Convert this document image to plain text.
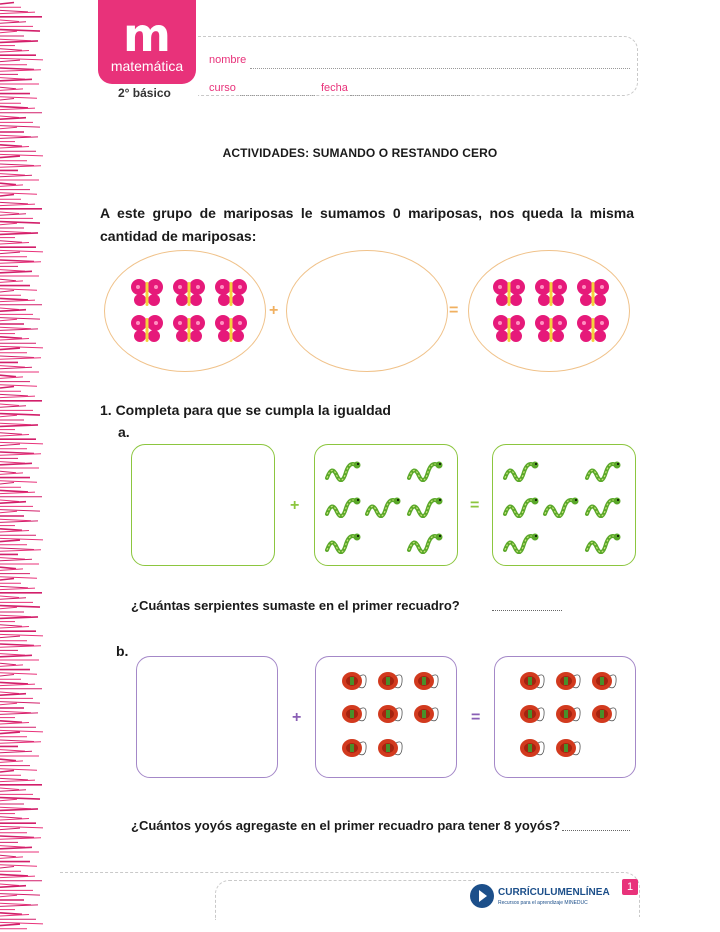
m
matemática
2° básico
nombre
curso	fecha
ACTIVIDADES: SUMANDO O RESTANDO CERO
A este grupo de mariposas le sumamos 0 mariposas, nos queda la misma cantidad de mariposas:
+	=
1. Completa para que se cumpla la igualdad
a.
+	=
¿Cuántas serpientes sumaste en el primer recuadro?
b.
+	=
¿Cuántos yoyós agregaste en el primer recuadro para tener 8 yoyós?
CURRÍCULUMENLÍNEA
Recursos para el aprendizaje MINEDUC
1
